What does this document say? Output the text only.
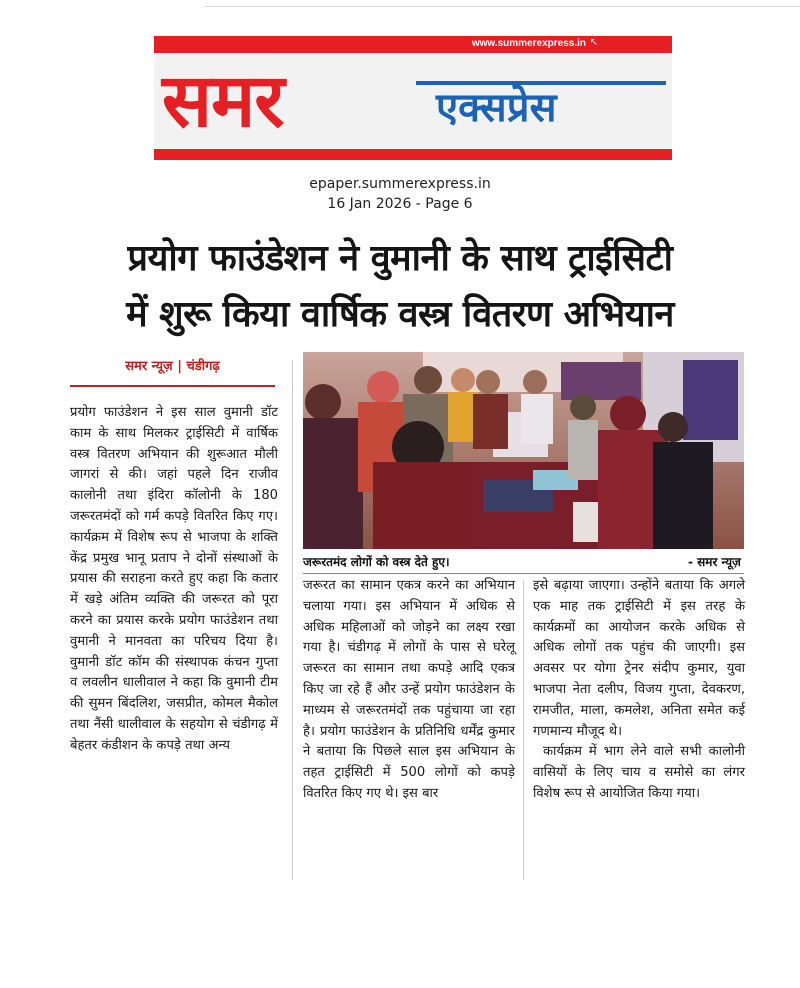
www.summerexpress.in ↖
समर	एक्सप्रेस
epaper.summerexpress.in
16 Jan 2026 - Page 6
प्रयोग फाउंडेशन ने वुमानी के साथ ट्राईसिटी
में शुरू किया वार्षिक वस्त्र वितरण अभियान
समर न्यूज़ | चंडीगढ़

प्रयोग फाउंडेशन ने इस साल वुमानी डॉट काम के साथ मिलकर ट्राईसिटी में वार्षिक वस्त्र वितरण अभियान की शुरूआत मौली जागरां से की। जहां पहले दिन राजीव कालोनी तथा इंदिरा कॉलोनी के 180 जरूरतमंदों को गर्म कपड़े वितरित किए गए। कार्यक्रम में विशेष रूप से भाजपा के शक्ति केंद्र प्रमुख भानू प्रताप ने दोनों संस्थाओं के प्रयास की सराहना करते हुए कहा कि कतार में खड़े अंतिम व्यक्ति की जरूरत को पूरा करने का प्रयास करके प्रयोग फाउंडेशन तथा वुमानी ने मानवता का परिचय दिया है। वुमानी डॉट कॉम की संस्थापक कंचन गुप्ता व लवलीन धालीवाल ने कहा कि वुमानी टीम की सुमन बिंदलिश, जसप्रीत, कोमल मैकोल तथा नैंसी धालीवाल के सहयोग से चंडीगढ़ में बेहतर कंडीशन के कपड़े तथा अन्य

जरूरतमंद लोगों को वस्त्र देते हुए।	- समर न्यूज़

जरूरत का सामान एकत्र करने का अभियान चलाया गया। इस अभियान में अधिक से अधिक महिलाओं को जोड़ने का लक्ष्य रखा गया है। चंडीगढ़ में लोगों के पास से घरेलू जरूरत का सामान तथा कपड़े आदि एकत्र किए जा रहे हैं और उन्हें प्रयोग फाउंडेशन के माध्यम से जरूरतमंदों तक पहुंचाया जा रहा है। प्रयोग फाउंडेशन के प्रतिनिधि धर्मेंद्र कुमार ने बताया कि पिछले साल इस अभियान के तहत ट्राईसिटी में 500 लोगों को कपड़े वितरित किए गए थे। इस बार

इसे बढ़ाया जाएगा। उन्होंने बताया कि अगले एक माह तक ट्राईसिटी में इस तरह के कार्यक्रमों का आयोजन करके अधिक से अधिक लोगों तक पहुंच की जाएगी। इस अवसर पर योगा ट्रेनर संदीप कुमार, युवा भाजपा नेता दलीप, विजय गुप्ता, देवकरण, रामजीत, माला, कमलेश, अनिता समेत कई गणमान्य मौजूद थे।

कार्यक्रम में भाग लेने वाले सभी कालोनी वासियों के लिए चाय व समोसे का लंगर विशेष रूप से आयोजित किया गया।
